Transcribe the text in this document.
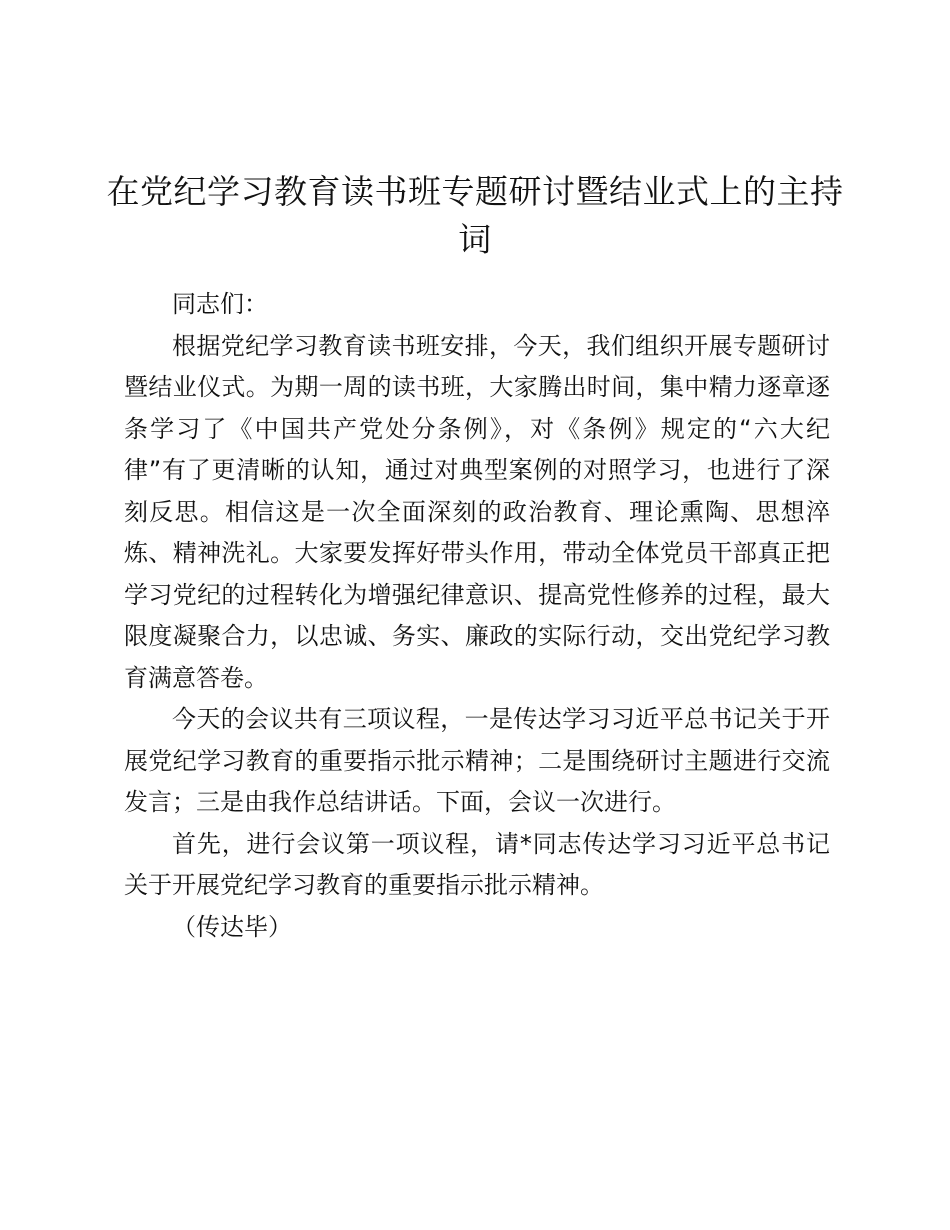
在党纪学习教育读书班专题研讨暨结业式上的主持词

同志们：

根据党纪学习教育读书班安排，今天，我们组织开展专题研讨暨结业仪式。为期一周的读书班，大家腾出时间，集中精力逐章逐条学习了《中国共产党处分条例》，对《条例》规定的“六大纪律”有了更清晰的认知，通过对典型案例的对照学习，也进行了深刻反思。相信这是一次全面深刻的政治教育、理论熏陶、思想淬炼、精神洗礼。大家要发挥好带头作用，带动全体党员干部真正把学习党纪的过程转化为增强纪律意识、提高党性修养的过程，最大限度凝聚合力，以忠诚、务实、廉政的实际行动，交出党纪学习教育满意答卷。

今天的会议共有三项议程，一是传达学习习近平总书记关于开展党纪学习教育的重要指示批示精神；二是围绕研讨主题进行交流发言；三是由我作总结讲话。下面，会议一次进行。

首先，进行会议第一项议程，请*同志传达学习习近平总书记关于开展党纪学习教育的重要指示批示精神。

（传达毕）
